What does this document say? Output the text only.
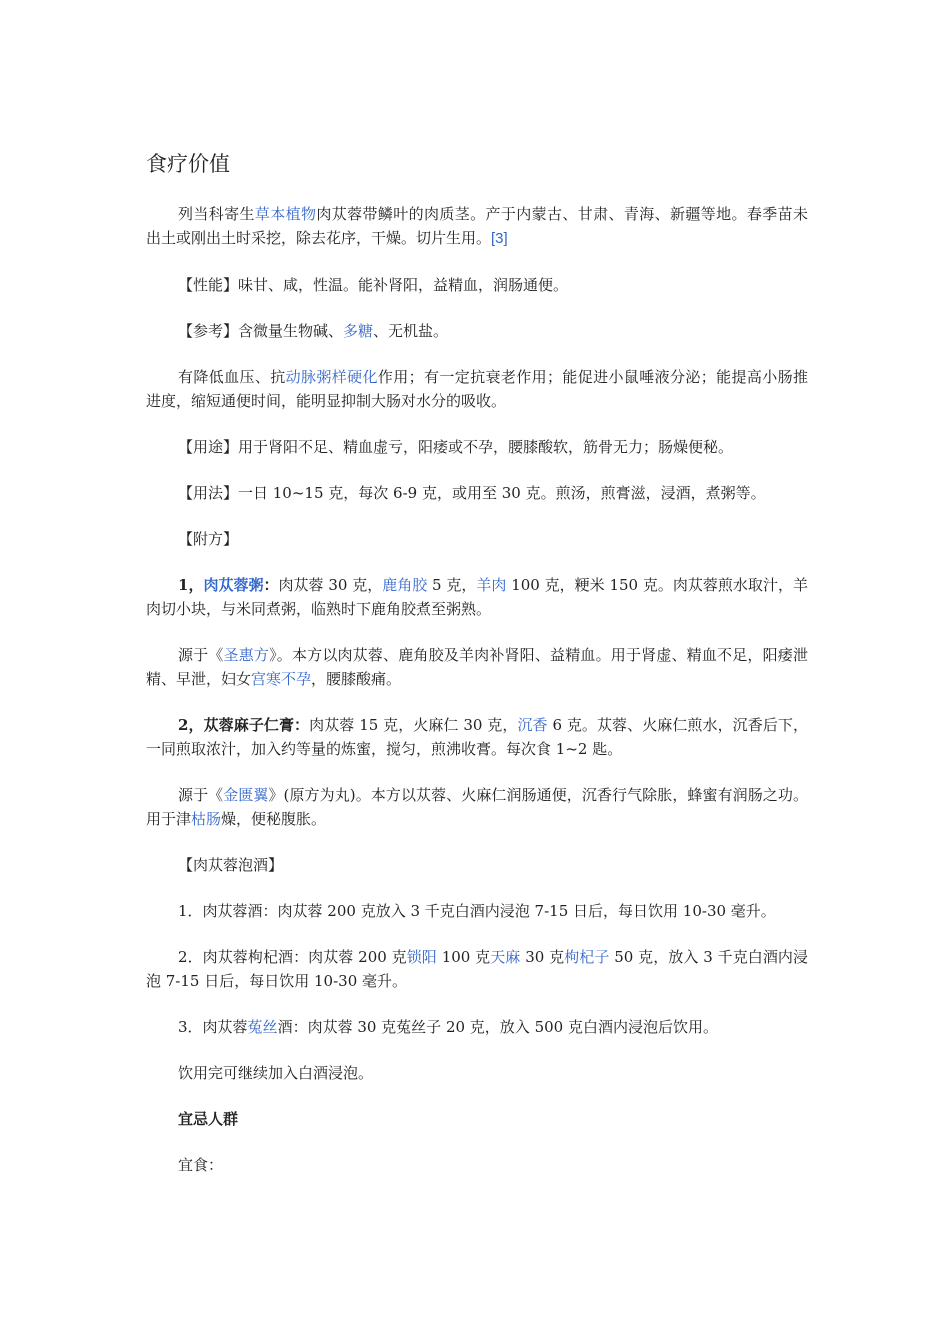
食疗价值

列当科寄生草本植物肉苁蓉带鳞叶的肉质茎。产于内蒙古、甘肃、青海、新疆等地。春季苗未出土或刚出土时采挖，除去花序，干燥。切片生用。[3]

【性能】味甘、咸，性温。能补肾阳，益精血，润肠通便。

【参考】含微量生物碱、多糖、无机盐。

有降低血压、抗动脉粥样硬化作用；有一定抗衰老作用；能促进小鼠唾液分泌；能提高小肠推进度，缩短通便时间，能明显抑制大肠对水分的吸收。

【用途】用于肾阳不足、精血虚亏，阳痿或不孕，腰膝酸软，筋骨无力；肠燥便秘。

【用法】一日 10~15 克，每次 6-9 克，或用至 30 克。煎汤，煎膏滋，浸酒，煮粥等。

【附方】

1，肉苁蓉粥：肉苁蓉 30 克，鹿角胶 5 克，羊肉 100 克，粳米 150 克。肉苁蓉煎水取汁，羊肉切小块，与米同煮粥，临熟时下鹿角胶煮至粥熟。

源于《圣惠方》。本方以肉苁蓉、鹿角胶及羊肉补肾阳、益精血。用于肾虚、精血不足，阳痿泄精、早泄，妇女宫寒不孕，腰膝酸痛。

2，苁蓉麻子仁膏：肉苁蓉 15 克，火麻仁 30 克，沉香 6 克。苁蓉、火麻仁煎水，沉香后下，一同煎取浓汁，加入约等量的炼蜜，搅匀，煎沸收膏。每次食 1~2 匙。

源于《金匮翼》(原方为丸)。本方以苁蓉、火麻仁润肠通便，沉香行气除胀，蜂蜜有润肠之功。用于津枯肠燥，便秘腹胀。

【肉苁蓉泡酒】

1．肉苁蓉酒：肉苁蓉 200 克放入 3 千克白酒内浸泡 7-15 日后，每日饮用 10-30 毫升。

2．肉苁蓉枸杞酒：肉苁蓉 200 克锁阳 100 克天麻 30 克枸杞子 50 克，放入 3 千克白酒内浸泡 7-15 日后，每日饮用 10-30 毫升。

3．肉苁蓉菟丝酒：肉苁蓉 30 克菟丝子 20 克，放入 500 克白酒内浸泡后饮用。

饮用完可继续加入白酒浸泡。

宜忌人群

宜食：
